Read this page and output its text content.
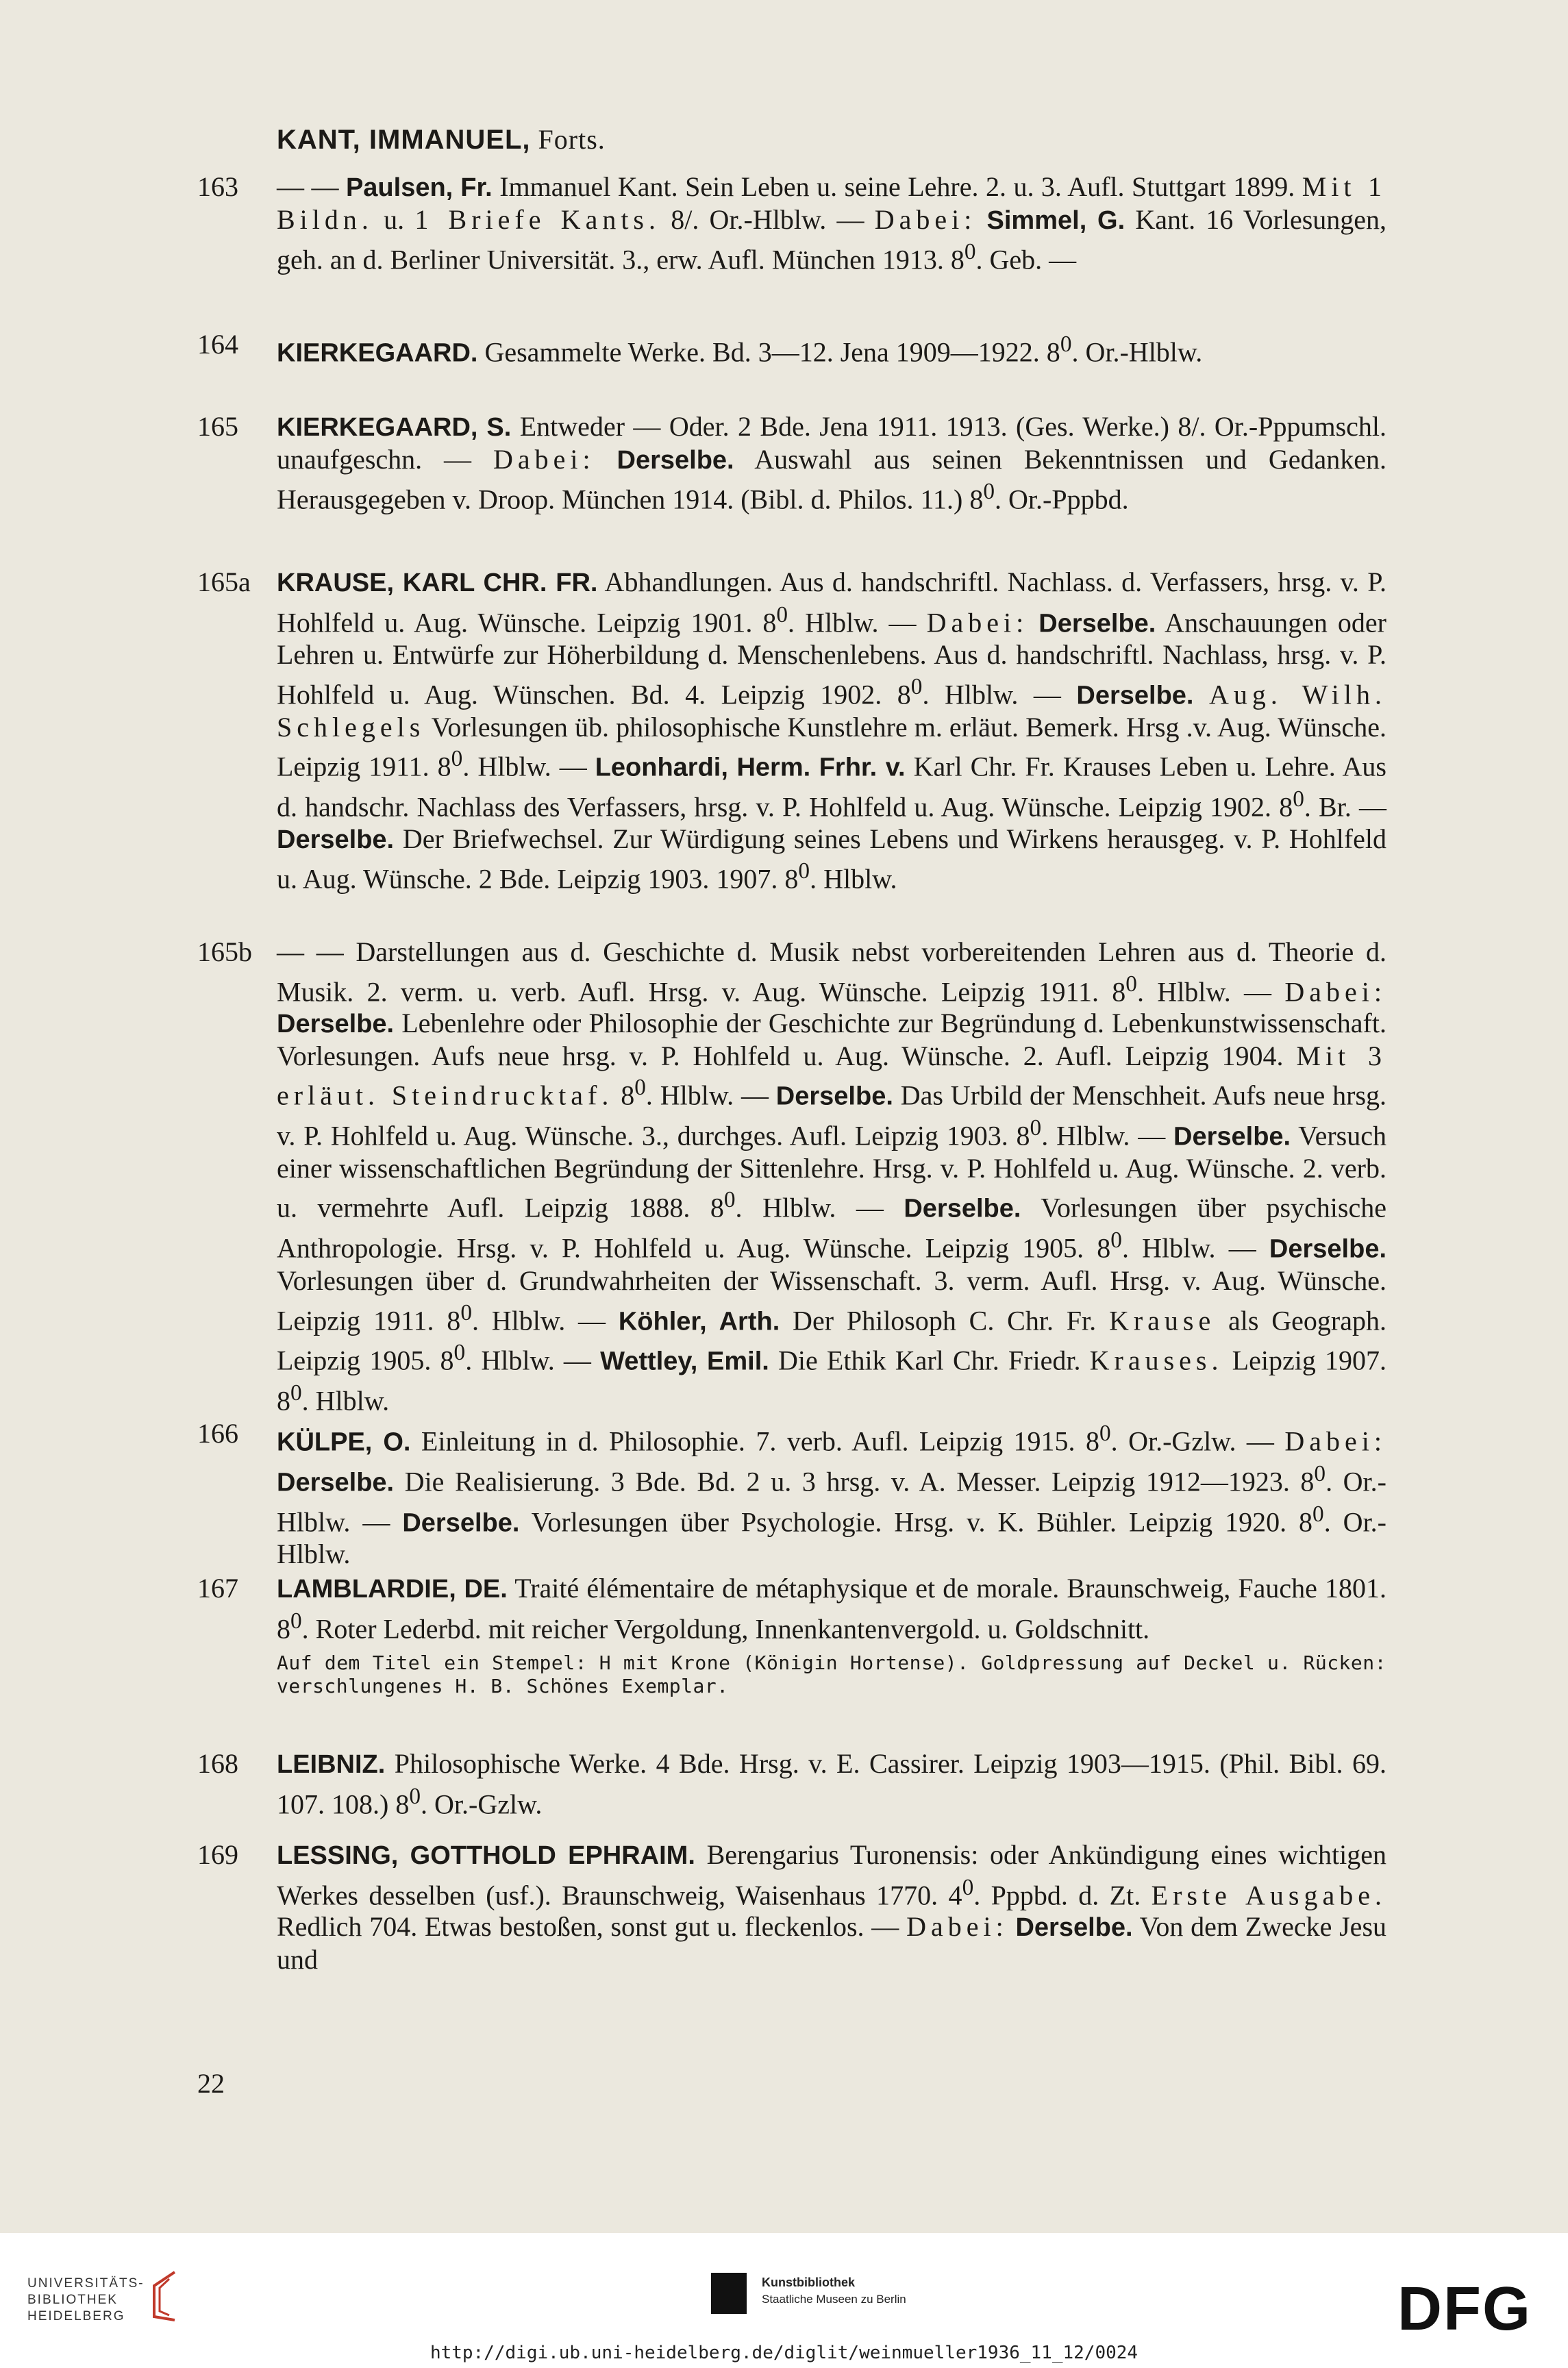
KANT, IMMANUEL, Forts.
163 — — Paulsen, Fr. Immanuel Kant. Sein Leben u. seine Lehre. 2. u. 3. Aufl. Stuttgart 1899. Mit 1 Bildn. u. 1 Briefe Kants. 8/. Or.-Hlblw. — Dabei: Simmel, G. Kant. 16 Vorlesungen, geh. an d. Berliner Universität. 3., erw. Aufl. München 1913. $8^0$. Geb. —
164 KIERKEGAARD. Gesammelte Werke. Bd. 3—12. Jena 1909—1922. $8^0$. Or.-Hlblw.
165 KIERKEGAARD, S. Entweder — Oder. 2 Bde. Jena 1911. 1913. (Ges. Werke.) 8/. Or.-Pppumschl. unaufgeschn. — Dabei: Derselbe. Auswahl aus seinen Bekenntnissen und Gedanken. Herausgegeben v. Droop. München 1914. (Bibl. d. Philos. 11.) $8^0$. Or.-Pppbd.
165a KRAUSE, KARL CHR. FR. Abhandlungen. Aus d. handschriftl. Nachlass. d. Verfassers, hrsg. v. P. Hohlfeld u. Aug. Wünsche. Leipzig 1901. $8^0$. Hlblw. — Dabei: Derselbe. Anschauungen oder Lehren u. Entwürfe zur Höherbildung d. Menschenlebens. Aus d. handschriftl. Nachlass, hrsg. v. P. Hohlfeld u. Aug. Wünschen. Bd. 4. Leipzig 1902. $8^0$. Hlblw. — Derselbe. Aug. Wilh. Schlegels Vorlesungen üb. philosophische Kunstlehre m. erläut. Bemerk. Hrsg .v. Aug. Wünsche. Leipzig 1911. $8^0$. Hlblw. — Leonhardi, Herm. Frhr. v. Karl Chr. Fr. Krauses Leben u. Lehre. Aus d. handschr. Nachlass des Verfassers, hrsg. v. P. Hohlfeld u. Aug. Wünsche. Leipzig 1902. $8^0$. Br. — Derselbe. Der Briefwechsel. Zur Würdigung seines Lebens und Wirkens herausgeg. v. P. Hohlfeld u. Aug. Wünsche. 2 Bde. Leipzig 1903. 1907. $8^0$. Hlblw.
165b — — Darstellungen aus d. Geschichte d. Musik nebst vorbereitenden Lehren aus d. Theorie d. Musik. 2. verm. u. verb. Aufl. Hrsg. v. Aug. Wünsche. Leipzig 1911. $8^0$. Hlblw. — Dabei: Derselbe. Lebenlehre oder Philosophie der Geschichte zur Begründung d. Lebenkunstwissenschaft. Vorlesungen. Aufs neue hrsg. v. P. Hohlfeld u. Aug. Wünsche. 2. Aufl. Leipzig 1904. Mit 3 erläut. Steindrucktaf. $8^0$. Hlblw. — Derselbe. Das Urbild der Menschheit. Aufs neue hrsg. v. P. Hohlfeld u. Aug. Wünsche. 3., durchges. Aufl. Leipzig 1903. $8^0$. Hlblw. — Derselbe. Versuch einer wissenschaftlichen Begründung der Sittenlehre. Hrsg. v. P. Hohlfeld u. Aug. Wünsche. 2. verb. u. vermehrte Aufl. Leipzig 1888. $8^0$. Hlblw. — Derselbe. Vorlesungen über psychische Anthropologie. Hrsg. v. P. Hohlfeld u. Aug. Wünsche. Leipzig 1905. $8^0$. Hlblw. — Derselbe. Vorlesungen über d. Grundwahrheiten der Wissenschaft. 3. verm. Aufl. Hrsg. v. Aug. Wünsche. Leipzig 1911. $8^0$. Hlblw. — Köhler, Arth. Der Philosoph C. Chr. Fr. Krause als Geograph. Leipzig 1905. $8^0$. Hlblw. — Wettley, Emil. Die Ethik Karl Chr. Friedr. Krauses. Leipzig 1907. $8^0$. Hlblw.
166 KÜLPE, O. Einleitung in d. Philosophie. 7. verb. Aufl. Leipzig 1915. $8^0$. Or.-Gzlw. — Dabei: Derselbe. Die Realisierung. 3 Bde. Bd. 2 u. 3 hrsg. v. A. Messer. Leipzig 1912—1923. $8^0$. Or.-Hlblw. — Derselbe. Vorlesungen über Psychologie. Hrsg. v. K. Bühler. Leipzig 1920. $8^0$. Or.-Hlblw.
167 LAMBLARDIE, DE. Traité élémentaire de métaphysique et de morale. Braunschweig, Fauche 1801. $8^0$. Roter Lederbd. mit reicher Vergoldung, Innenkantenvergold. u. Goldschnitt.
Auf dem Titel ein Stempel: H mit Krone (Königin Hortense). Goldpressung auf Deckel u. Rücken: verschlungenes H. B. Schönes Exemplar.
168 LEIBNIZ. Philosophische Werke. 4 Bde. Hrsg. v. E. Cassirer. Leipzig 1903—1915. (Phil. Bibl. 69. 107. 108.) $8^0$. Or.-Gzlw.
169 LESSING, GOTTHOLD EPHRAIM. Berengarius Turonensis: oder Ankündigung eines wichtigen Werkes desselben (usf.). Braunschweig, Waisenhaus 1770. $4^0$. Pppbd. d. Zt. Erste Ausgabe. Redlich 704. Etwas bestoßen, sonst gut u. fleckenlos. — Dabei: Derselbe. Von dem Zwecke Jesu und
22
UNIVERSITÄTS-
BIBLIOTHEK
HEIDELBERG
Kunstbibliothek
Staatliche Museen zu Berlin	DFG
http://digi.ub.uni-heidelberg.de/diglit/weinmueller1936_11_12/0024
